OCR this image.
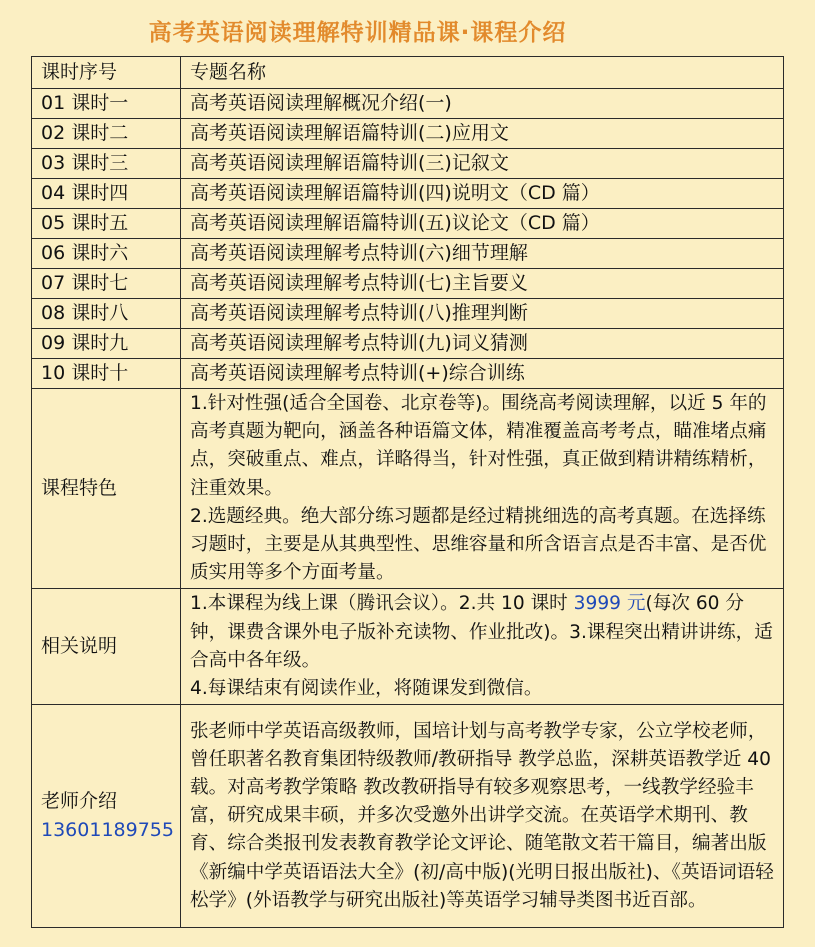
高考英语阅读理解特训精品课·课程介绍
课时序号	专题名称
01 课时一	高考英语阅读理解概况介绍(一)
02 课时二	高考英语阅读理解语篇特训(二)应用文
03 课时三	高考英语阅读理解语篇特训(三)记叙文
04 课时四	高考英语阅读理解语篇特训(四)说明文（CD 篇）
05 课时五	高考英语阅读理解语篇特训(五)议论文（CD 篇）
06 课时六	高考英语阅读理解考点特训(六)细节理解
07 课时七	高考英语阅读理解考点特训(七)主旨要义
08 课时八	高考英语阅读理解考点特训(八)推理判断
09 课时九	高考英语阅读理解考点特训(九)词义猜测
10 课时十	高考英语阅读理解考点特训(+)综合训练
课程特色	1.针对性强(适合全国卷、北京卷等)。围绕高考阅读理解，以近 5 年的高考真题为靶向，涵盖各种语篇文体，精准覆盖高考考点，瞄准堵点痛点，突破重点、难点，详略得当，针对性强，真正做到精讲精练精析，注重效果。
2.选题经典。绝大部分练习题都是经过精挑细选的高考真题。在选择练习题时，主要是从其典型性、思维容量和所含语言点是否丰富、是否优质实用等多个方面考量。

相关说明	1.本课程为线上课（腾讯会议）。2.共 10 课时 3999 元(每次 60 分钟，课费含课外电子版补充读物、作业批改)。3.课程突出精讲讲练，适合高中各年级。
4.每课结束有阅读作业，将随课发到微信。

老师介绍
13601189755	张老师中学英语高级教师，国培计划与高考教学专家，公立学校老师，曾任职著名教育集团特级教师/教研指导 教学总监，深耕英语教学近 40 载。对高考教学策略 教改教研指导有较多观察思考，一线教学经验丰富，研究成果丰硕，并多次受邀外出讲学交流。在英语学术期刊、教育、综合类报刊发表教育教学论文评论、随笔散文若干篇目，编著出版《新编中学英语语法大全》(初/高中版)(光明日报出版社)、《英语词语轻松学》(外语教学与研究出版社)等英语学习辅导类图书近百部。
